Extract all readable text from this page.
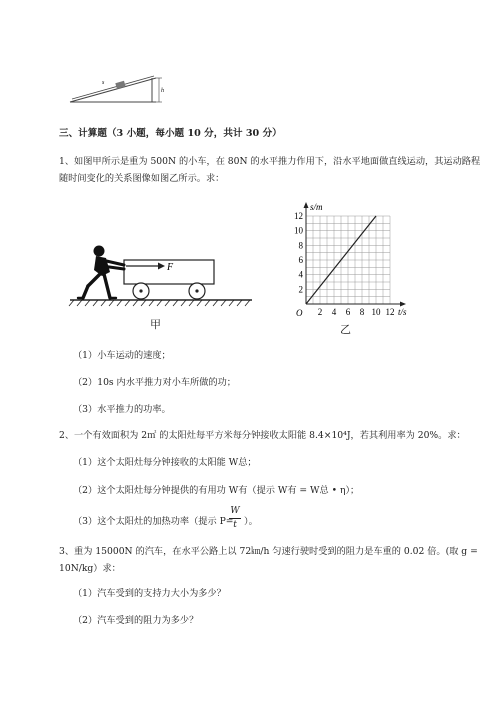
s
h
三、计算题（3 小题，每小题 10 分，共计 30 分）
1、如图甲所示是重为 500N 的小车，在 80N 的水平推力作用下，沿水平地面做直线运动，其运动路程
随时间变化的关系图像如图乙所示。求：
F
甲
2 4 6 8 10 12
2
4
6
8
10
12
O	t/s
s/m
乙
（1）小车运动的速度；
（2）10s 内水平推力对小车所做的功；
（3）水平推力的功率。
2、一个有效面积为 2㎡ 的太阳灶每平方米每分钟接收太阳能 8.4×10⁴J，若其利用率为 20%。求：
（1）这个太阳灶每分钟接收的太阳能 W总；
（2）这个太阳灶每分钟提供的有用功 W有（提示 W有 = W总 • η）；
（3）这个太阳灶的加热功率（提示 P=
W
t ）。
3、重为 15000N 的汽车，在水平公路上以 72㎞/h 匀速行驶时受到的阻力是车重的 0.02 倍。(取 g =
10N/kg）求：
（1）汽车受到的支持力大小为多少？
（2）汽车受到的阻力为多少？
